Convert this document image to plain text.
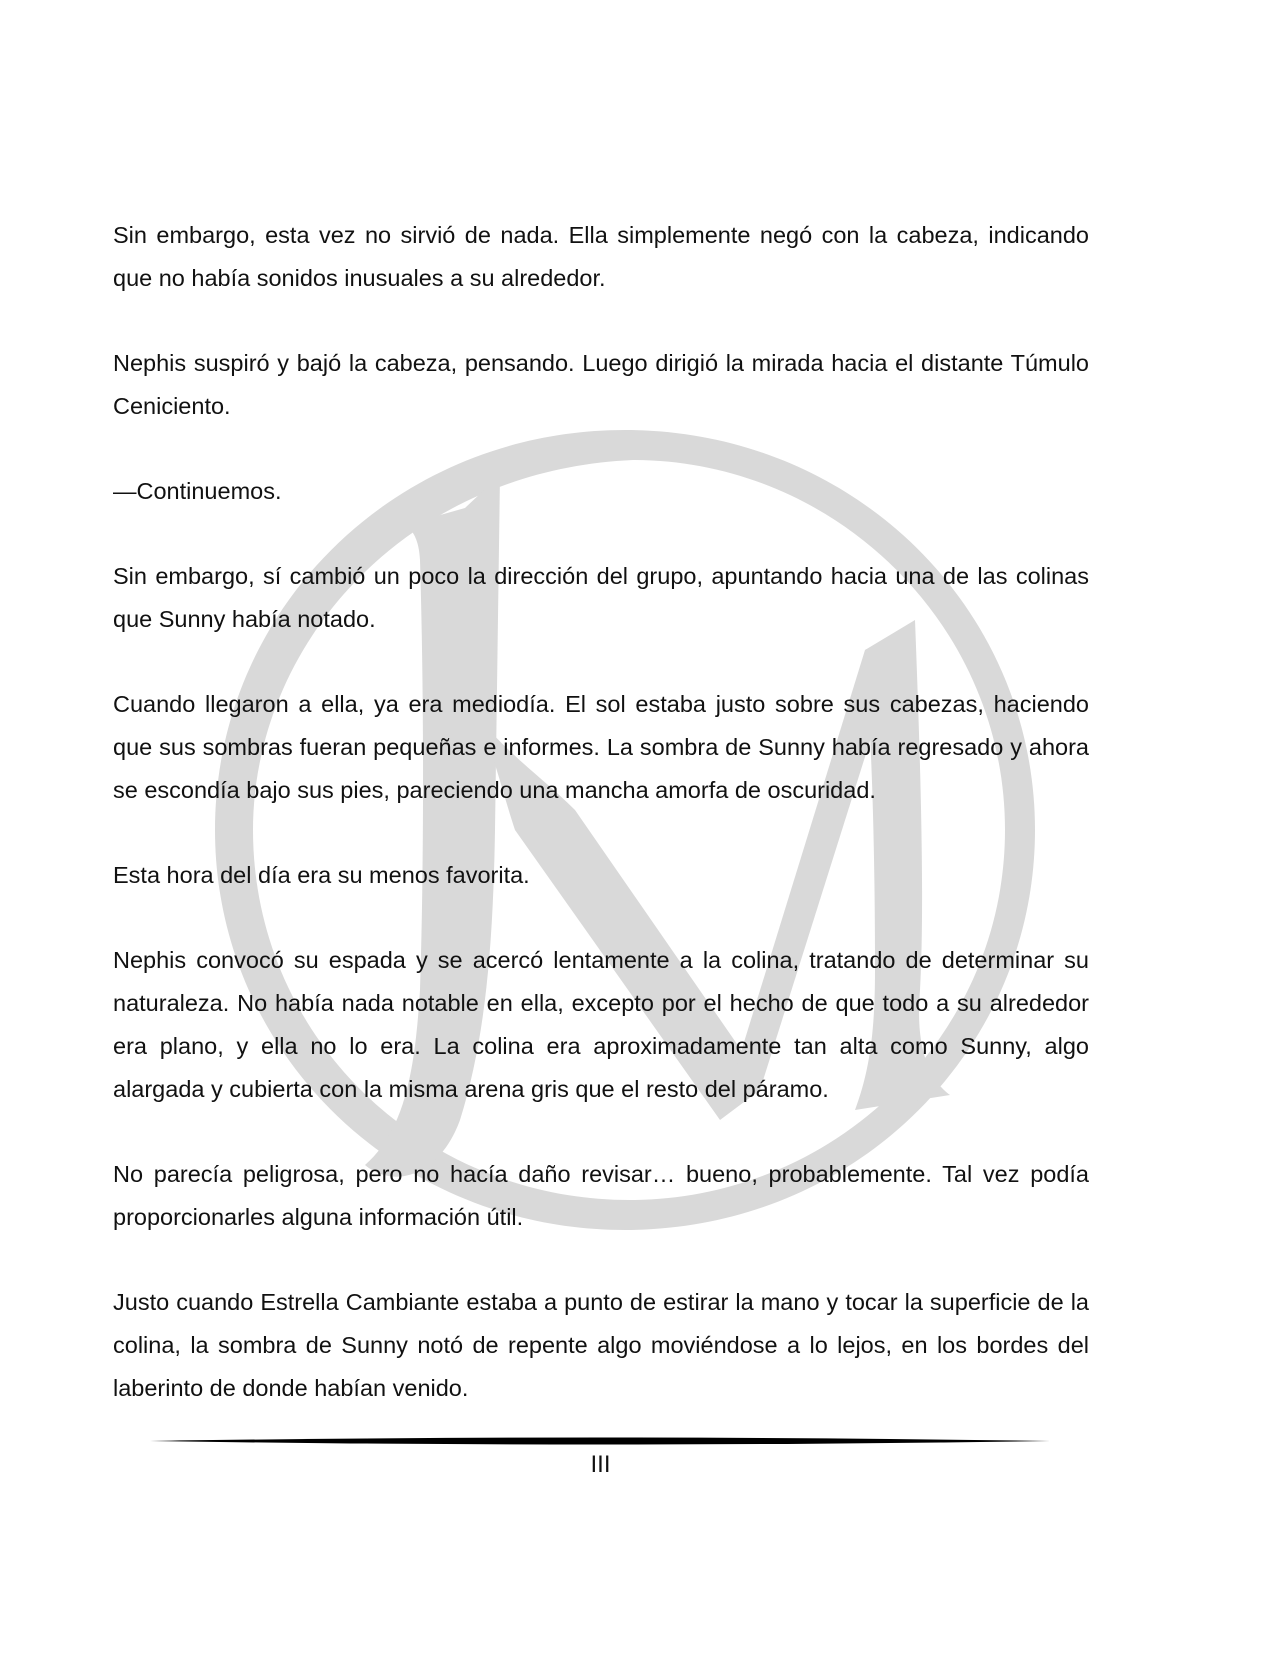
Sin embargo, esta vez no sirvió de nada. Ella simplemente negó con la cabeza, indicando que no había sonidos inusuales a su alrededor.

Nephis suspiró y bajó la cabeza, pensando. Luego dirigió la mirada hacia el distante Túmulo Ceniciento.

—Continuemos.

Sin embargo, sí cambió un poco la dirección del grupo, apuntando hacia una de las colinas que Sunny había notado.

Cuando llegaron a ella, ya era mediodía. El sol estaba justo sobre sus cabezas, haciendo que sus sombras fueran pequeñas e informes. La sombra de Sunny había regresado y ahora se escondía bajo sus pies, pareciendo una mancha amorfa de oscuridad.

Esta hora del día era su menos favorita.

Nephis convocó su espada y se acercó lentamente a la colina, tratando de determinar su naturaleza. No había nada notable en ella, excepto por el hecho de que todo a su alrededor era plano, y ella no lo era. La colina era aproximadamente tan alta como Sunny, algo alargada y cubierta con la misma arena gris que el resto del páramo.

No parecía peligrosa, pero no hacía daño revisar… bueno, probablemente. Tal vez podía proporcionarles alguna información útil.

Justo cuando Estrella Cambiante estaba a punto de estirar la mano y tocar la superficie de la colina, la sombra de Sunny notó de repente algo moviéndose a lo lejos, en los bordes del laberinto de donde habían venido.

III
